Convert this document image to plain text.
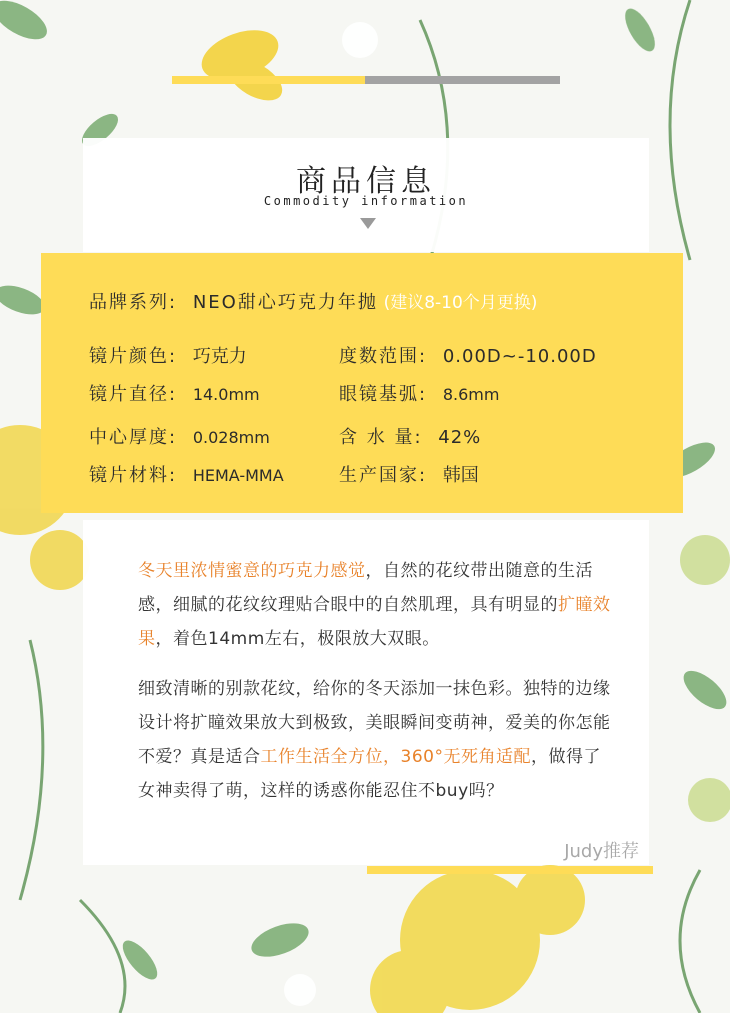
商品信息
Commodity information
品牌系列: NEO甜心巧克力年抛 (建议8-10个月更换)
镜片颜色: 巧克力	度数范围: 0.00D~-10.00D
镜片直径: 14.0mm	眼镜基弧: 8.6mm
中心厚度: 0.028mm	含 水 量: 42%
镜片材料: HEMA-MMA	生产国家: 韩国
冬天里浓情蜜意的巧克力感觉，自然的花纹带出随意的生活感，细腻的花纹纹理贴合眼中的自然肌理，具有明显的扩瞳效果，着色14mm左右，极限放大双眼。
细致清晰的别款花纹，给你的冬天添加一抹色彩。独特的边缘设计将扩瞳效果放大到极致，美眼瞬间变萌神，爱美的你怎能不爱？真是适合工作生活全方位，360°无死角适配，做得了女神卖得了萌，这样的诱惑你能忍住不buy吗？
Judy推荐
